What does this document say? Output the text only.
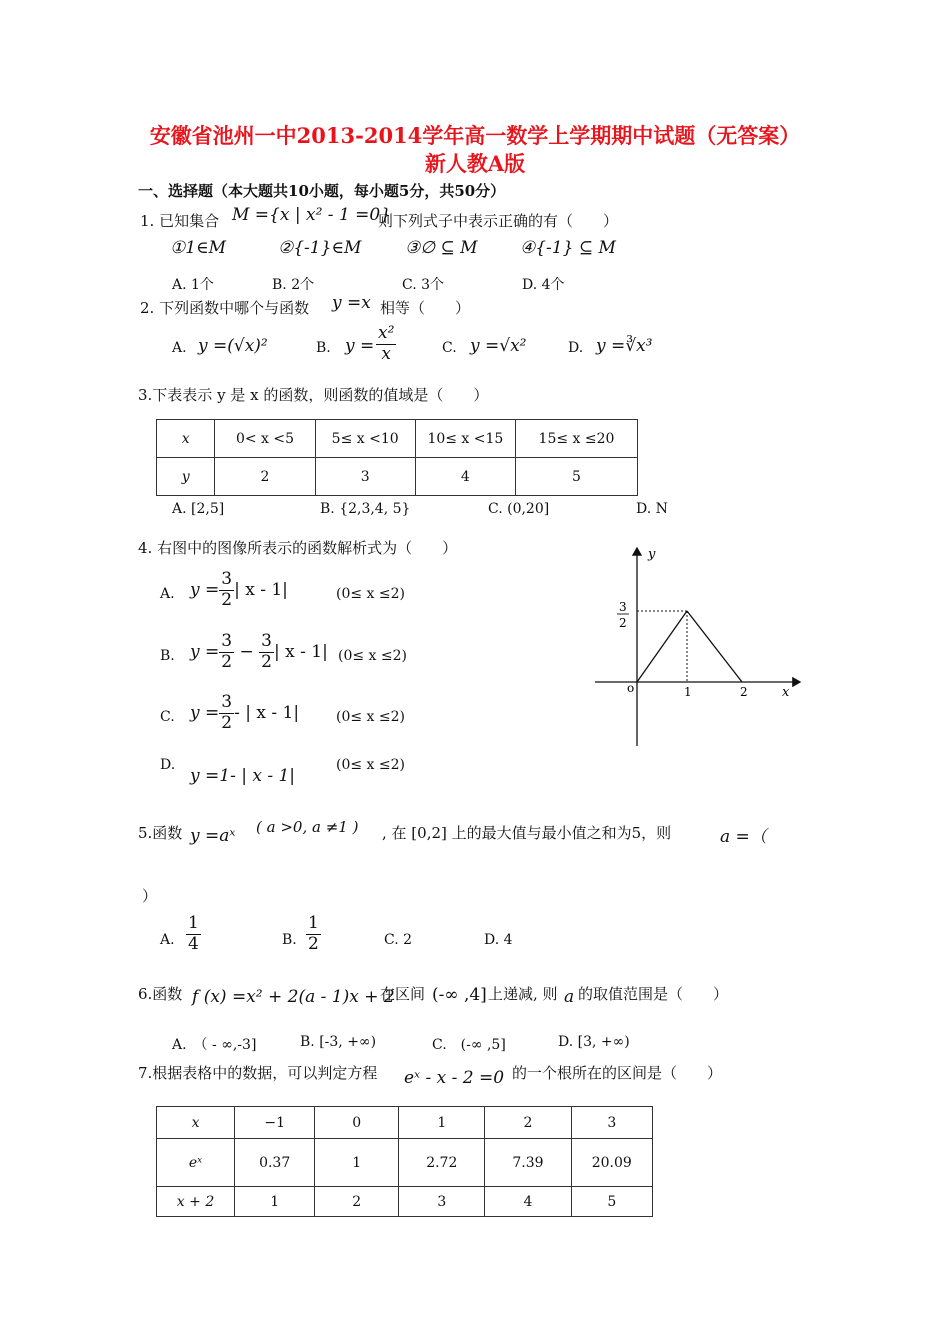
安徽省池州一中2013-2014学年高一数学上学期期中试题（无答案）
新人教A版
一、选择题（本大题共10小题，每小题5分，共50分）
1. 已知集合 M ={x | x² - 1 =0}
则下列式子中表示正确的有（　　）
①1∈M	②{-1}∈M	③∅ ⊆ M ④{-1} ⊆ M
A. 1个	B. 2个	C. 3个	D. 4个
2. 下列函数中哪个与函数 y =x 相等（　　）
A. y =(√x)²	B. $y = \frac{\text{x²}}{x}$	C. y =√x²	D. y =∛x³
3.下表表示 y 是 x 的函数，则函数的值域是（　　）
x	0< x <5	5≤ x <10	10≤ x <15	15≤ x ≤20
y	2	3	4	5
A. [2,5]	B. {2,3,4, 5}	C. (0,20]	D. N
4. 右图中的图像所表示的函数解析式为（　　）
A. $y = \frac{3}{2}$ | x - 1|	(0≤ x ≤2)
B. $y = \frac{3}{2} - \frac{3}{2}$ | x - 1| (0≤ x ≤2)
C. $y = \frac{3}{2}$ - | x - 1|	(0≤ x ≤2)
D.
y =1- | x - 1|
(0≤ x ≤2)
y
x
o	1	2
3
2
5.函数 y =aˣ ( a >0, a ≠1 ) , 在 [0,2] 上的最大值与最小值之和为5，则	a =（
）
A. $\frac{1}{4}$	B. $\frac{1}{2}$	C. 2	D. 4
6.函数 f (x) =x² + 2(a - 1)x + 2
在区间 (-∞ ,4] 上递减, 则 a 的取值范围是（　　）
A.　（ - ∞,-3]	B. [-3, +∞)	C.　(-∞ ,5]	D. [3, +∞)
7.根据表格中的数据，可以判定方程 eˣ - x - 2 =0 的一个根所在的区间是（　　）
x	−1	0	1	2	3
eˣ	0.37	1	2.72	7.39	20.09
x + 2	1	2	3	4	5
